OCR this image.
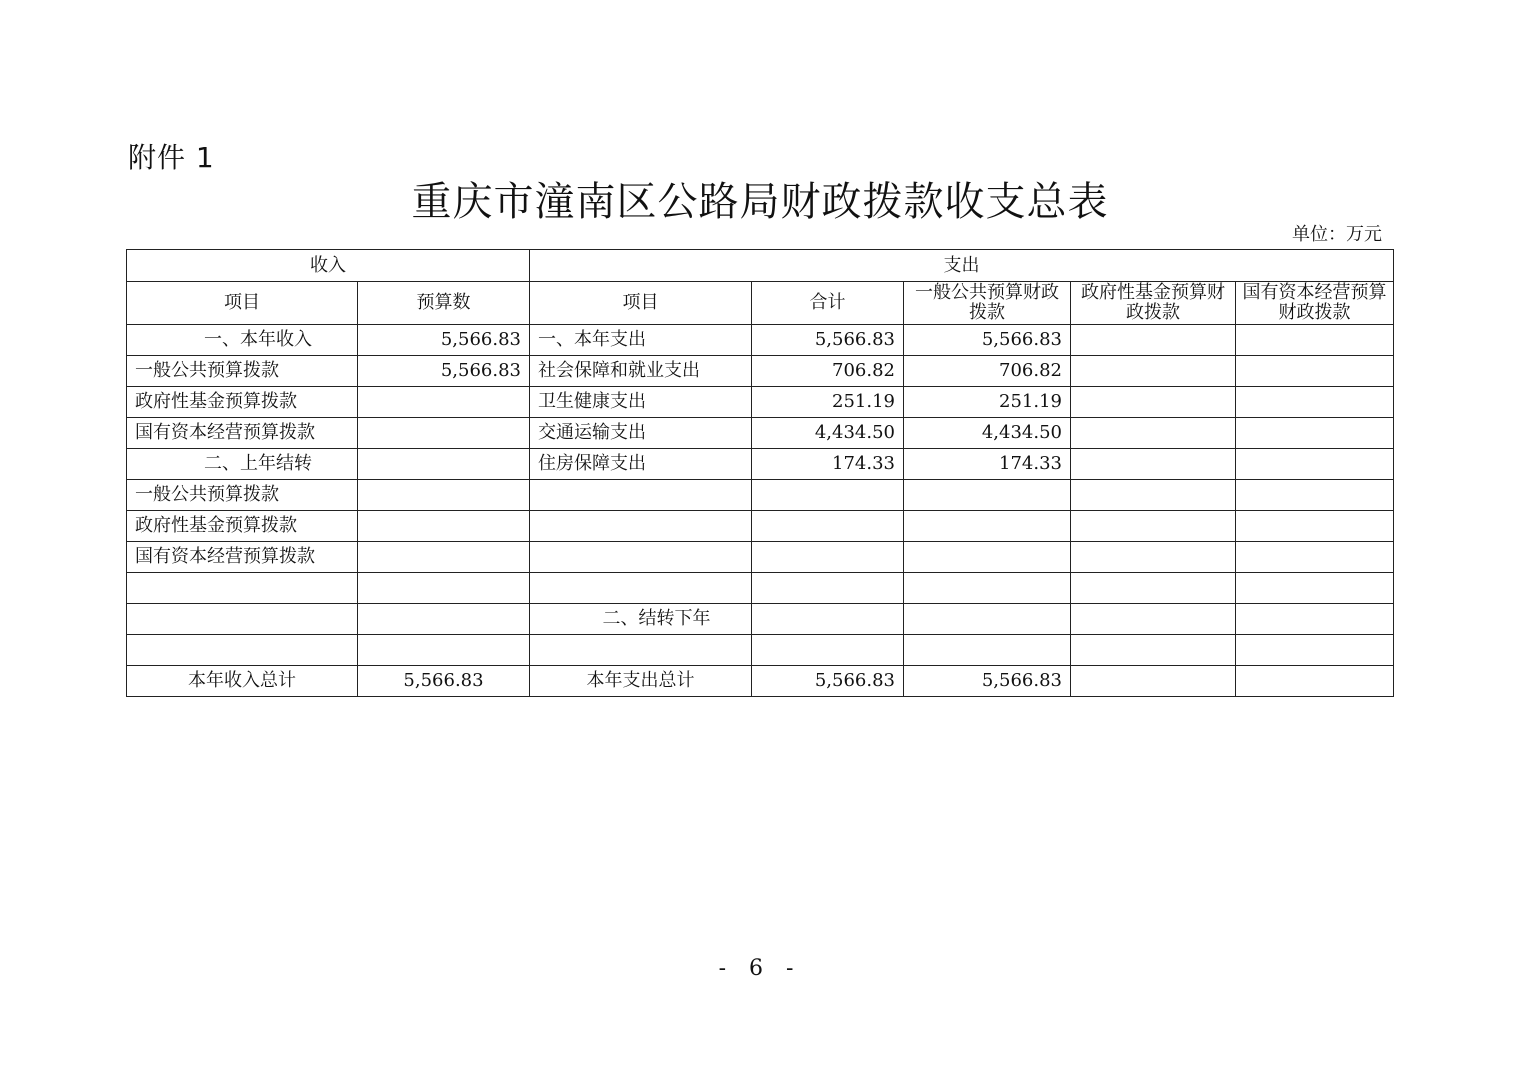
附件 1
重庆市潼南区公路局财政拨款收支总表
单位：万元
收入		支出				
项目	预算数	项目	合计	一般公共预算财政拨款	政府性基金预算财政拨款	国有资本经营预算财政拨款
一、本年收入	5,566.83	一、本年支出	5,566.83	5,566.83		
一般公共预算拨款	5,566.83	社会保障和就业支出	706.82	706.82		
政府性基金预算拨款		卫生健康支出	251.19	251.19		
国有资本经营预算拨款		交通运输支出	4,434.50	4,434.50		
二、上年结转		住房保障支出	174.33	174.33		
一般公共预算拨款						
政府性基金预算拨款						
国有资本经营预算拨款						

		二、结转下年				

本年收入总计	5,566.83	本年支出总计	5,566.83	5,566.83		
- 6 -
